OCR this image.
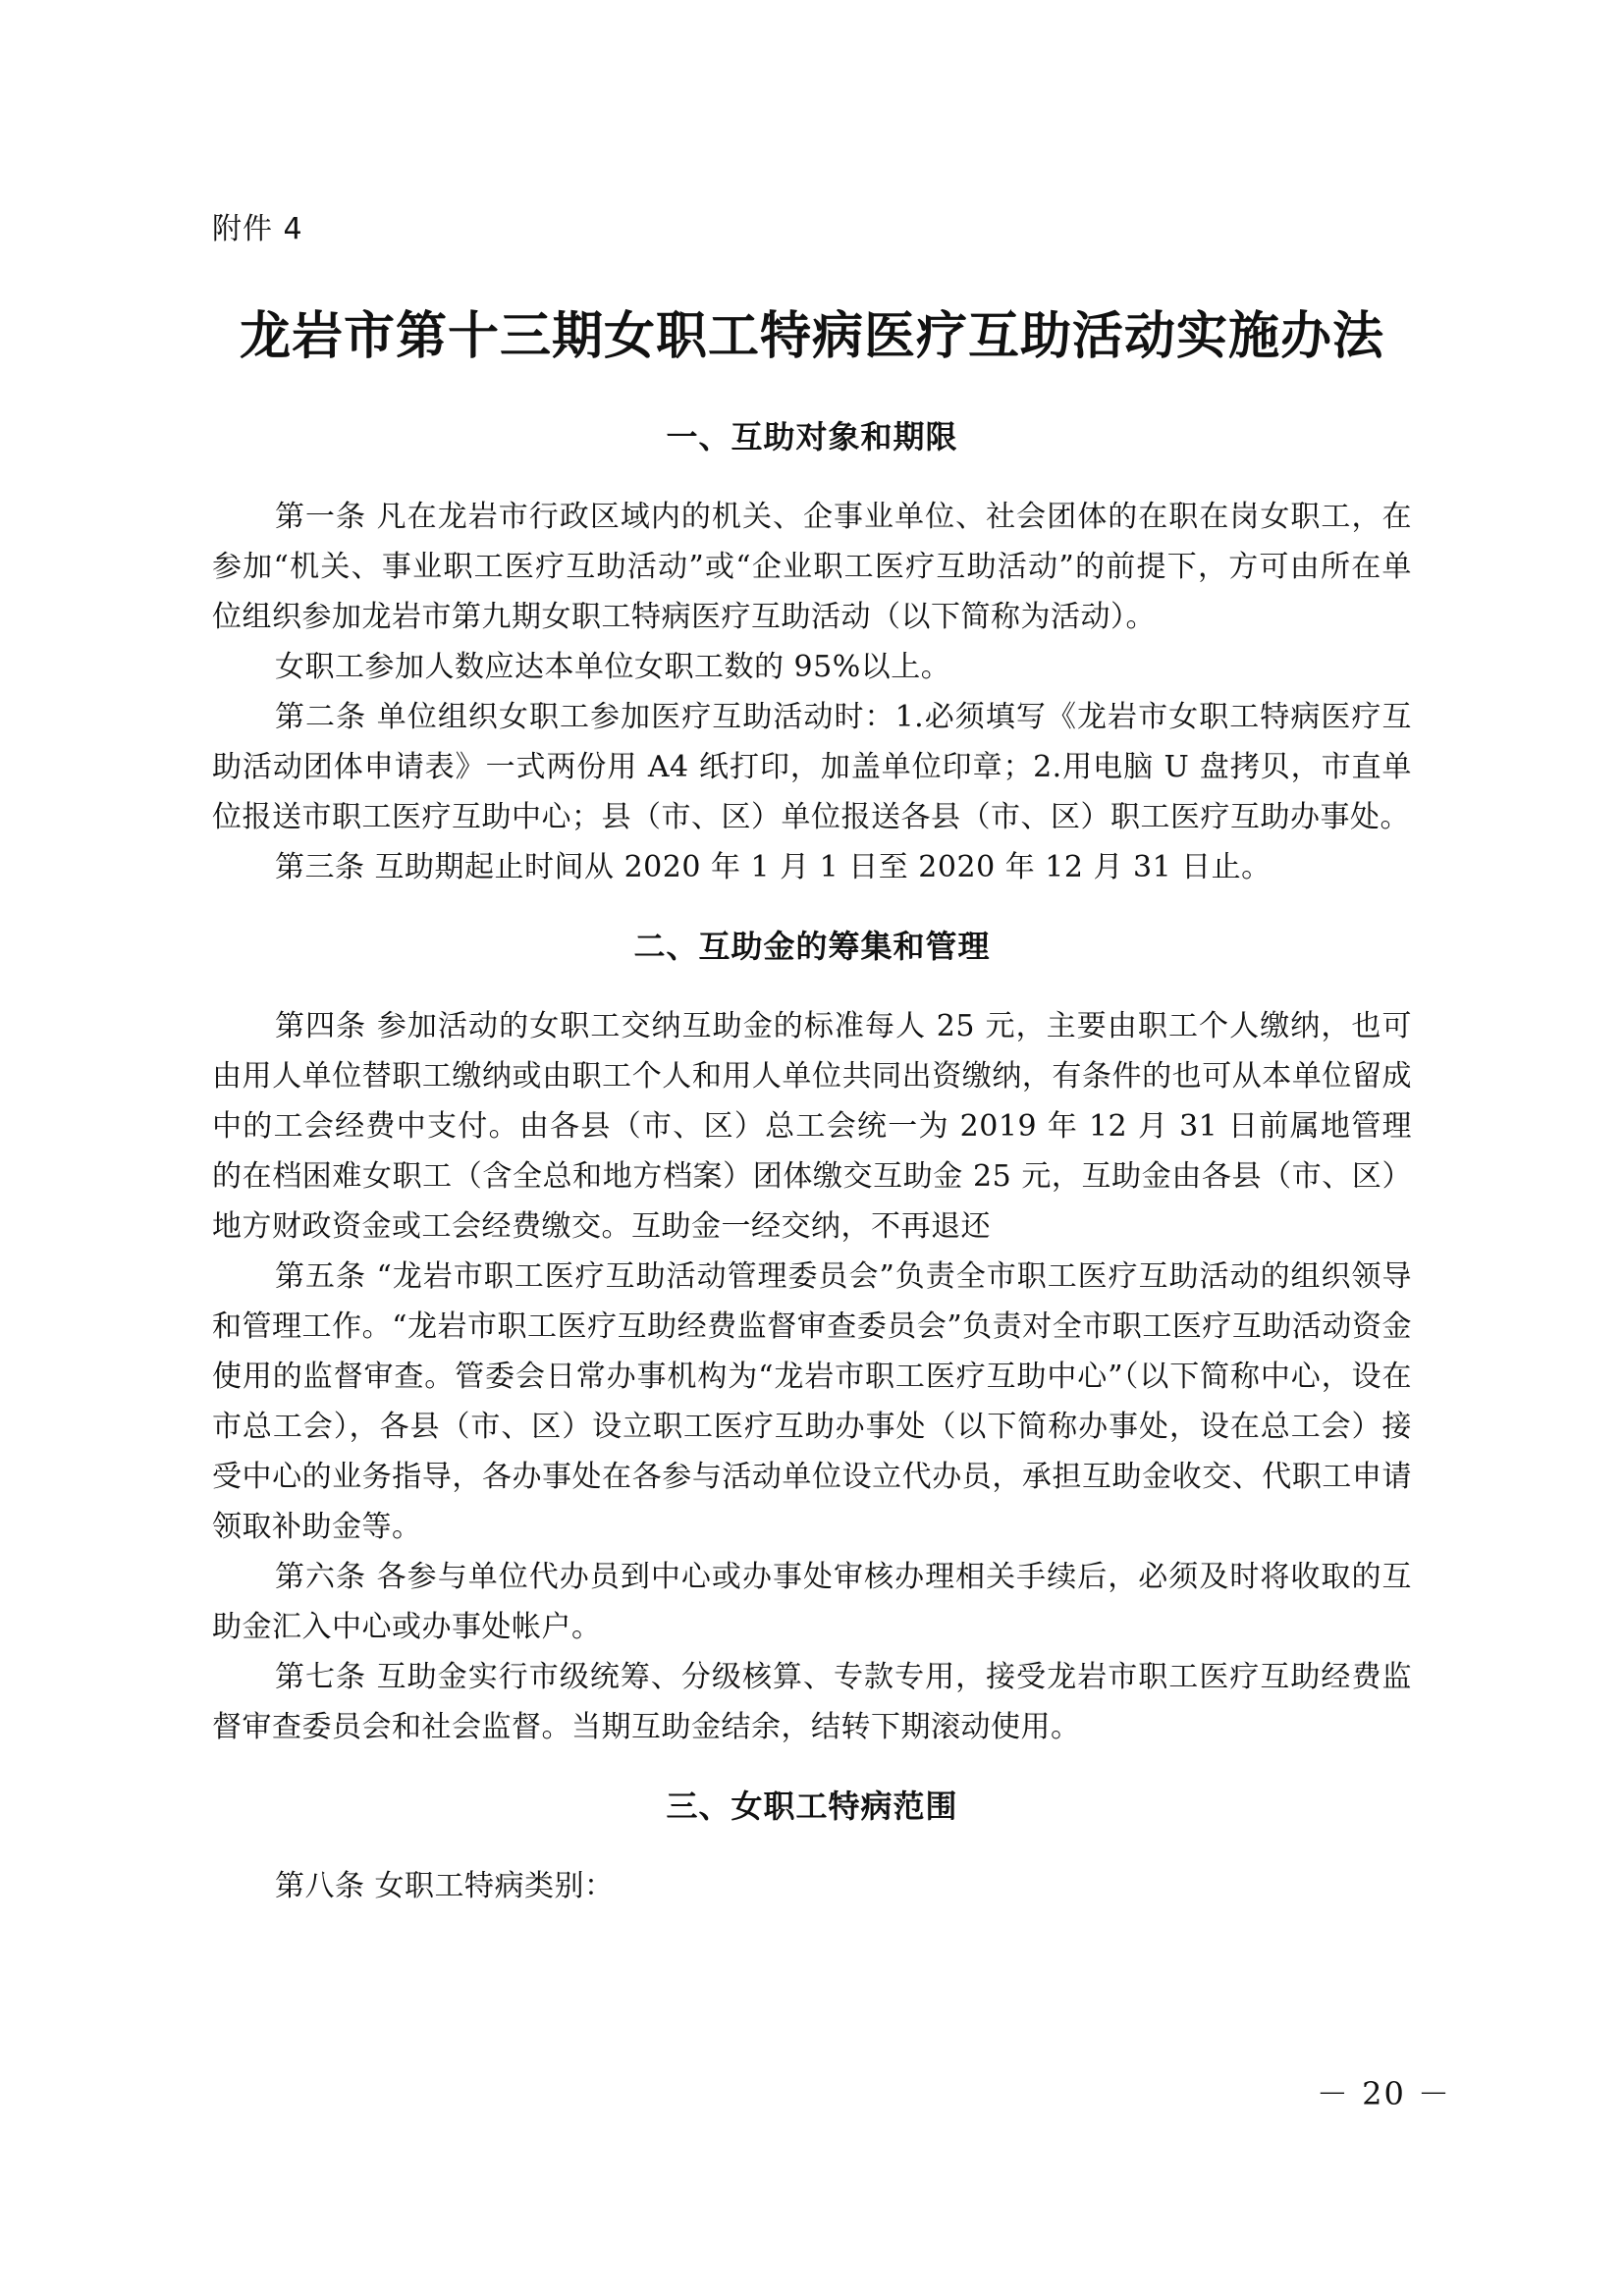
附件 4
龙岩市第十三期女职工特病医疗互助活动实施办法
一、互助对象和期限

第一条 凡在龙岩市行政区域内的机关、企事业单位、社会团体的在职在岗女职工，在参加“机关、事业职工医疗互助活动”或“企业职工医疗互助活动”的前提下，方可由所在单位组织参加龙岩市第九期女职工特病医疗互助活动（以下简称为活动）。

女职工参加人数应达本单位女职工数的 95%以上。

第二条 单位组织女职工参加医疗互助活动时：1.必须填写《龙岩市女职工特病医疗互助活动团体申请表》一式两份用 A4 纸打印，加盖单位印章；2.用电脑 U 盘拷贝，市直单位报送市职工医疗互助中心；县（市、区）单位报送各县（市、区）职工医疗互助办事处。

第三条 互助期起止时间从 2020 年 1 月 1 日至 2020 年 12 月 31 日止。

二、互助金的筹集和管理

第四条 参加活动的女职工交纳互助金的标准每人 25 元，主要由职工个人缴纳，也可由用人单位替职工缴纳或由职工个人和用人单位共同出资缴纳，有条件的也可从本单位留成中的工会经费中支付。由各县（市、区）总工会统一为 2019 年 12 月 31 日前属地管理的在档困难女职工（含全总和地方档案）团体缴交互助金 25 元，互助金由各县（市、区）地方财政资金或工会经费缴交。互助金一经交纳，不再退还

第五条 “龙岩市职工医疗互助活动管理委员会”负责全市职工医疗互助活动的组织领导和管理工作。“龙岩市职工医疗互助经费监督审查委员会”负责对全市职工医疗互助活动资金使用的监督审查。管委会日常办事机构为“龙岩市职工医疗互助中心”（以下简称中心，设在市总工会），各县（市、区）设立职工医疗互助办事处（以下简称办事处，设在总工会）接受中心的业务指导，各办事处在各参与活动单位设立代办员，承担互助金收交、代职工申请领取补助金等。

第六条 各参与单位代办员到中心或办事处审核办理相关手续后，必须及时将收取的互助金汇入中心或办事处帐户。

第七条 互助金实行市级统筹、分级核算、专款专用，接受龙岩市职工医疗互助经费监督审查委员会和社会监督。当期互助金结余，结转下期滚动使用。

三、女职工特病范围

第八条 女职工特病类别：

－ 20 －
